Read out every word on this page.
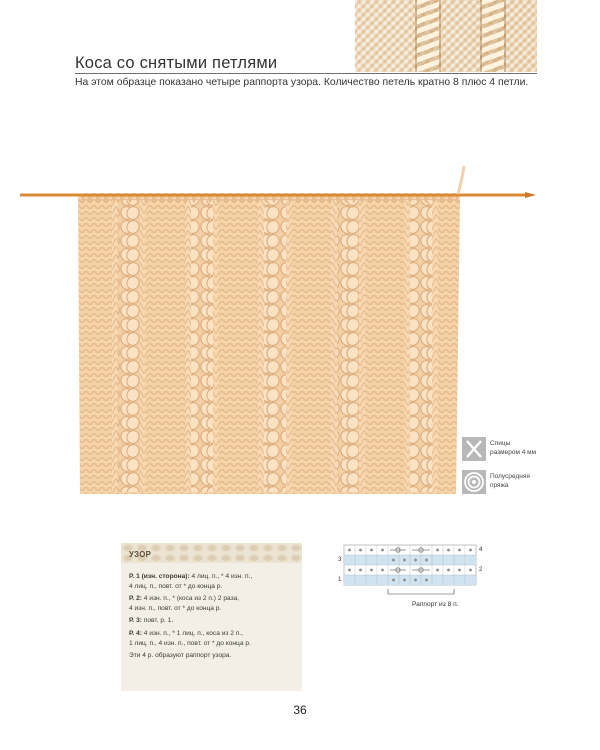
Коса со снятыми петлями

На этом образце показано четыре раппорта узора. Количество петель кратно 8 плюс 4 петли.

Спицы
размером 4 мм
Полусредняя
пряжа
УЗОР

Р. 1 (изн. сторона): 4 лиц. п., * 4 изн. п.,
4 лиц. п., повт. от * до конца р.

Р. 2: 4 изн. п., * (коса из 2 п.) 2 раза,
4 изн. п., повт. от * до конца р.

Р. 3: повт. р. 1.

Р. 4: 4 изн. п., * 1 лиц. п., коса из 2 п.,
1 лиц. п., 4 изн. п., повт. от * до конца р.

Эти 4 р. образуют раппорт узора.

4
2
3
1
Раппорт из 8 п.
36
